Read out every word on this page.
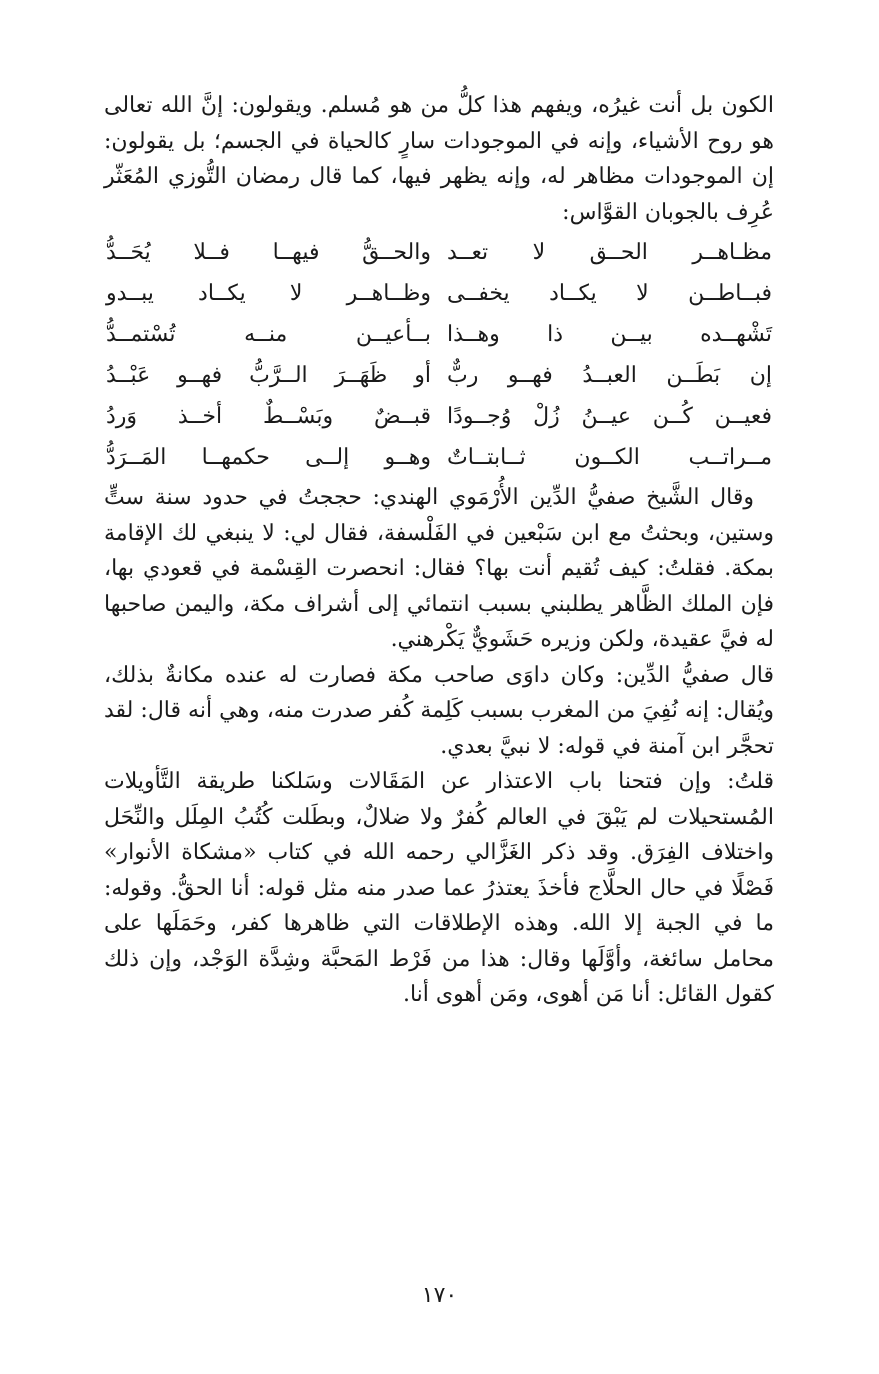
الكون بل أنت غيرُه، ويفهم هذا كلُّ من هو مُسلم. ويقولون: إنَّ الله تعالى هو روح الأشياء، وإنه في الموجودات سارٍ كالحياة في الجسم؛ بل يقولون: إن الموجودات مظاهر له، وإنه يظهر فيها، كما قال رمضان التُّوزي المُعَثّر عُرِف بالجوبان القوَّاس:

مظـاهــر الحــق لا تعــد
والحــقُّ فيهــا فــلا يُحَــدُّ
فبــاطــن لا يكــاد يخفــى
وظــاهــر لا يكــاد يبــدو
تَشْهــده بيــن ذا وهــذا
بــأعيــن منــه تُسْتمــدُّ
إن بَطَــن العبــدُ فهــو ربٌّ
أو ظَهَــرَ الــرَّبُّ فهــو عَبْــدُ
فعيــن كُــن عيــنُ زُلْ وُجــودًا
قبــضٌ وبَسْــطٌ أخــذ وَردُ
مــراتــب الكــون ثــابتــاتٌ
وهــو إلــى حكمهــا المَــرَدُّ

وقال الشَّيخ صفيُّ الدِّين الأُرْمَوي الهندي: حججتُ في حدود سنة ستٍّ وستين، وبحثتُ مع ابن سَبْعين في الفَلْسفة، فقال لي: لا ينبغي لك الإقامة بمكة. فقلتُ: كيف تُقيم أنت بها؟ فقال: انحصرت القِسْمة في قعودي بها، فإن الملك الظَّاهر يطلبني بسبب انتمائي إلى أشراف مكة، واليمن صاحبها له فيَّ عقيدة، ولكن وزيره حَشَويٌّ يَكْرهني.

قال صفيُّ الدِّين: وكان داوَى صاحب مكة فصارت له عنده مكانةٌ بذلك، ويُقال: إنه نُفِيَ من المغرب بسبب كَلِمة كُفر صدرت منه، وهي أنه قال: لقد تحجَّر ابن آمنة في قوله: لا نبيَّ بعدي.

قلتُ: وإن فتحنا باب الاعتذار عن المَقَالات وسَلكنا طريقة التَّأويلات المُستحيلات لم يَبْقَ في العالم كُفرٌ ولا ضلالٌ، وبطَلت كُتُبُ المِلَل والنِّحَل واختلاف الفِرَق. وقد ذكر الغَزَّالي رحمه الله في كتاب «مشكاة الأنوار» فَصْلًا في حال الحلَّاج فأخذَ يعتذرُ عما صدر منه مثل قوله: أنا الحقُّ. وقوله: ما في الجبة إلا الله. وهذه الإطلاقات التي ظاهرها كفر، وحَمَلَها على محامل سائغة، وأوَّلَها وقال: هذا من فَرْط المَحبَّة وشِدَّة الوَجْد، وإن ذلك كقول القائل: أنا مَن أهوى، ومَن أهوى أنا.

١٧٠
